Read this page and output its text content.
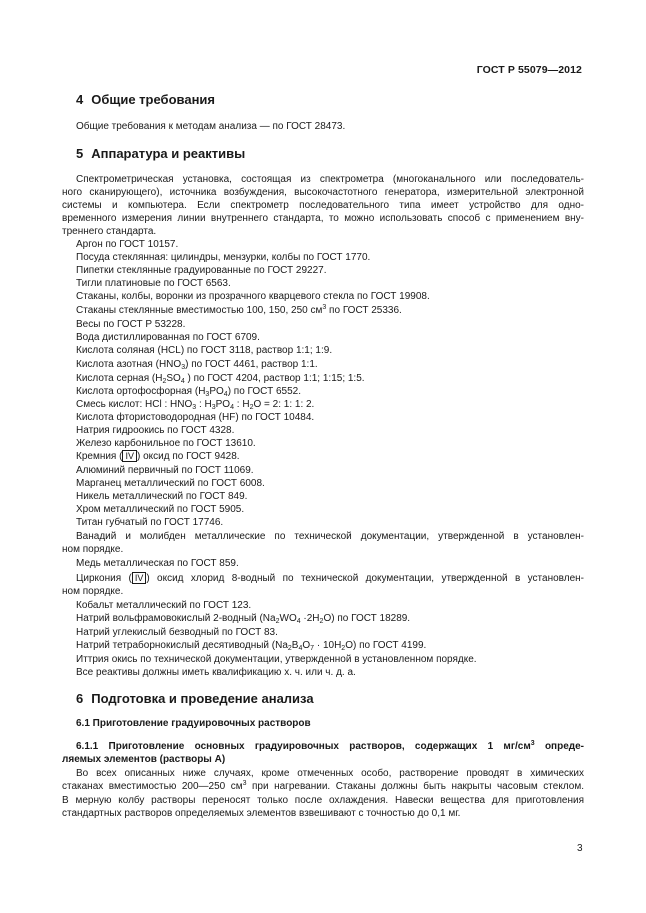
ГОСТ Р 55079—2012
4 Общие требования
Общие требования к методам анализа — по ГОСТ 28473.
5 Аппаратура и реактивы
Спектрометрическая установка, состоящая из спектрометра (многоканального или последователь-
ного сканирующего), источника возбуждения, высокочастотного генератора, измерительной электронной
системы и компьютера. Если спектрометр последовательного типа имеет устройство для одно-
временного измерения линии внутреннего стандарта, то можно использовать способ с применением вну-
треннего стандарта.
Аргон по ГОСТ 10157.
Посуда стеклянная: цилиндры, мензурки, колбы по ГОСТ 1770.
Пипетки стеклянные градуированные по ГОСТ 29227.
Тигли платиновые по ГОСТ 6563.
Стаканы, колбы, воронки из прозрачного кварцевого стекла по ГОСТ 19908.
Стаканы стеклянные вместимостью 100, 150, 250 $см^3$ по ГОСТ 25336.
Весы по ГОСТ Р 53228.
Вода дистиллированная по ГОСТ 6709.
Кислота соляная (HCL) по ГОСТ 3118, раствор 1:1; 1:9.
Кислота азотная $(HNO_3)$ по ГОСТ 4461, раствор 1:1.
Кислота серная ($H_2SO_4$ ) по ГОСТ 4204, раствор 1:1; 1:15; 1:5.
Кислота ортофосфорная $(H_3PO_4)$ по ГОСТ 6552.
Смесь кислот: HCl : $HNO_3$ : $H_3PO_4$ : $H_2O = 2$: 1: 1: 2.
Кислота фтористоводородная (HF) по ГОСТ 10484.
Натрия гидроокись по ГОСТ 4328.
Железо карбонильное по ГОСТ 13610.
Кремния ( IV ) оксид по ГОСТ 9428.
Алюминий первичный по ГОСТ 11069.
Марганец металлический по ГОСТ 6008.
Никель металлический по ГОСТ 849.
Хром металлический по ГОСТ 5905.
Титан губчатый по ГОСТ 17746.
Ванадий и молибден металлические по технической документации, утвержденной в установлен-
ном порядке.
Медь металлическая по ГОСТ 859.
Циркония ( IV ) оксид хлорид 8-водный по технической документации, утвержденной в установлен-
ном порядке.
Кобальт металлический по ГОСТ 123.
Натрий вольфрамовокислый 2-водный $(Na_2WO_4 \cdot 2H_2O)$ по ГОСТ 18289.
Натрий углекислый безводный по ГОСТ 83.
Натрий тетраборнокислый десятиводный $(Na_2B_4O_7 \cdot 10H_2O)$ по ГОСТ 4199.
Иттрия окись по технической документации, утвержденной в установленном порядке.
Все реактивы должны иметь квалификацию х. ч. или ч. д. а.
6 Подготовка и проведение анализа
6.1 Приготовление градуировочных растворов
6.1.1 Приготовление основных градуировочных растворов, содержащих 1 $мг/см^3$ опреде-
ляемых элементов (растворы А)
Во всех описанных ниже случаях, кроме отмеченных особо, растворение проводят в химических
стаканах вместимостью 200—250 $см^3$ при нагревании. Стаканы должны быть накрыты часовым стеклом.
В мерную колбу растворы переносят только после охлаждения. Навески вещества для приготовления
стандартных растворов определяемых элементов взвешивают с точностью до 0,1 мг.
3
